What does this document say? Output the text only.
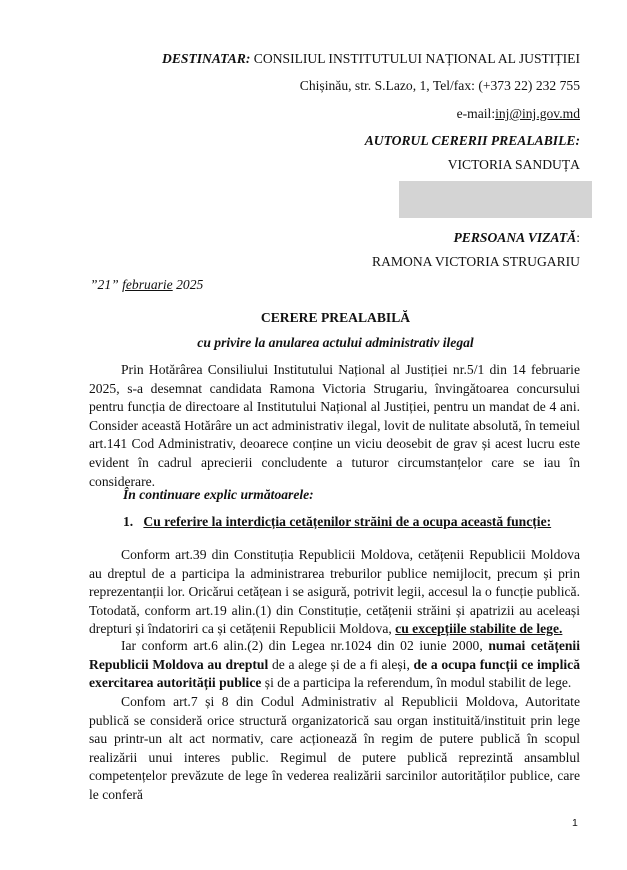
DESTINATAR: CONSILIUL INSTITUTULUI NAȚIONAL AL JUSTIȚIEI
Chișinău, str. S.Lazo, 1, Tel/fax: (+373 22) 232 755
e-mail:inj@inj.gov.md
AUTORUL CERERII PREALABILE:
VICTORIA SANDUȚA
PERSOANA VIZATĂ:
RAMONA VICTORIA STRUGARIU
”21” februarie 2025
CERERE PREALABILĂ
cu privire la anularea actului administrativ ilegal

Prin Hotărârea Consiliului Institutului Național al Justiției nr.5/1 din 14 februarie 2025, s-a desemnat candidata Ramona Victoria Strugariu, învingătoarea concursului pentru funcția de directoare al Institutului Național al Justiției, pentru un mandat de 4 ani. Consider această Hotărâre un act administrativ ilegal, lovit de nulitate absolută, în temeiul art.141 Cod Administrativ, deoarece conține un viciu deosebit de grav și acest lucru este evident în cadrul aprecierii concludente a tuturor circumstanțelor care se iau în considerare.

În continuare explic următoarele:
1. Cu referire la interdicția cetățenilor străini de a ocupa această funcție:

Conform art.39 din Constituția Republicii Moldova, cetățenii Republicii Moldova au dreptul de a participa la administrarea treburilor publice nemijlocit, precum și prin reprezentanții lor. Oricărui cetățean i se asigură, potrivit legii, accesul la o funcție publică. Totodată, conform art.19 alin.(1) din Constituție, cetățenii străini și apatrizii au aceleași drepturi și îndatoriri ca și cetățenii Republicii Moldova, cu excepțiile stabilite de lege.

Iar conform art.6 alin.(2) din Legea nr.1024 din 02 iunie 2000, numai cetățenii Republicii Moldova au dreptul de a alege și de a fi aleși, de a ocupa funcții ce implică exercitarea autorității publice și de a participa la referendum, în modul stabilit de lege.

Confom art.7 și 8 din Codul Administrativ al Republicii Moldova, Autoritate publică se consideră orice structură organizatorică sau organ instituită/instituit prin lege sau printr-un alt act normativ, care acționează în regim de putere publică în scopul realizării unui interes public. Regimul de putere publică reprezintă ansamblul competențelor prevăzute de lege în vederea realizării sarcinilor autorităților publice, care le conferă

1
